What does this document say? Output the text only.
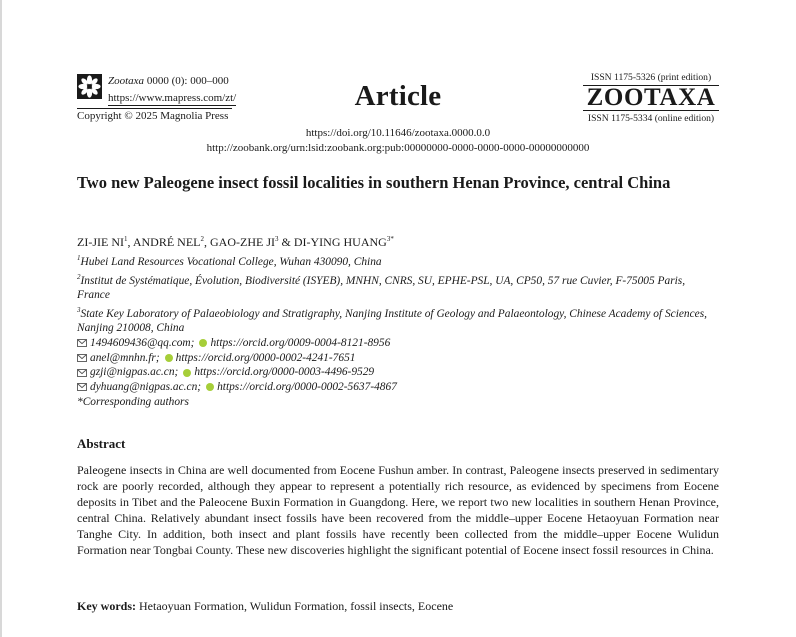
Zootaxa 0000 (0): 000–000
https://www.mapress.com/zt/
Copyright © 2025 Magnolia Press
Article
ISSN 1175-5326 (print edition)
ZOOTAXA
ISSN 1175-5334 (online edition)
https://doi.org/10.11646/zootaxa.0000.0.0
http://zoobank.org/urn:lsid:zoobank.org:pub:00000000-0000-0000-0000-00000000000
Two new Paleogene insect fossil localities in southern Henan Province, central China
ZI-JIE $NI^1$, ANDRÉ NEL$^2$, GAO-ZHE $JI^3$ & DI-YING $HUANG^{3*}$

$^1$Hubei Land Resources Vocational College, Wuhan 430090, China

$^2$Institut de Systématique, Évolution, Biodiversité (ISYEB), MNHN, CNRS, SU, EPHE-PSL, UA, CP50, 57 rue Cuvier, F-75005 Paris, France

$^3$State Key Laboratory of Palaeobiology and Stratigraphy, Nanjing Institute of Geology and Palaeontology, Chinese Academy of Sciences, Nanjing 210008, China

1494609436@qq.com; https://orcid.org/0009-0004-8121-8956
anel@mnhn.fr; https://orcid.org/0000-0002-4241-7651
gzji@nigpas.ac.cn; https://orcid.org/0000-0003-4496-9529
dyhuang@nigpas.ac.cn; https://orcid.org/0000-0002-5637-4867
*Corresponding authors
Abstract

Paleogene insects in China are well documented from Eocene Fushun amber. In contrast, Paleogene insects preserved in sedimentary rock are poorly recorded, although they appear to represent a potentially rich resource, as evidenced by specimens from Eocene deposits in Tibet and the Paleocene Buxin Formation in Guangdong. Here, we report two new localities in southern Henan Province, central China. Relatively abundant insect fossils have been recovered from the middle–upper Eocene Hetaoyuan Formation near Tanghe City. In addition, both insect and plant fossils have recently been collected from the middle–upper Eocene Wulidun Formation near Tongbai County. These new discoveries highlight the significant potential of Eocene insect fossil resources in China.

Key words: Hetaoyuan Formation, Wulidun Formation, fossil insects, Eocene
